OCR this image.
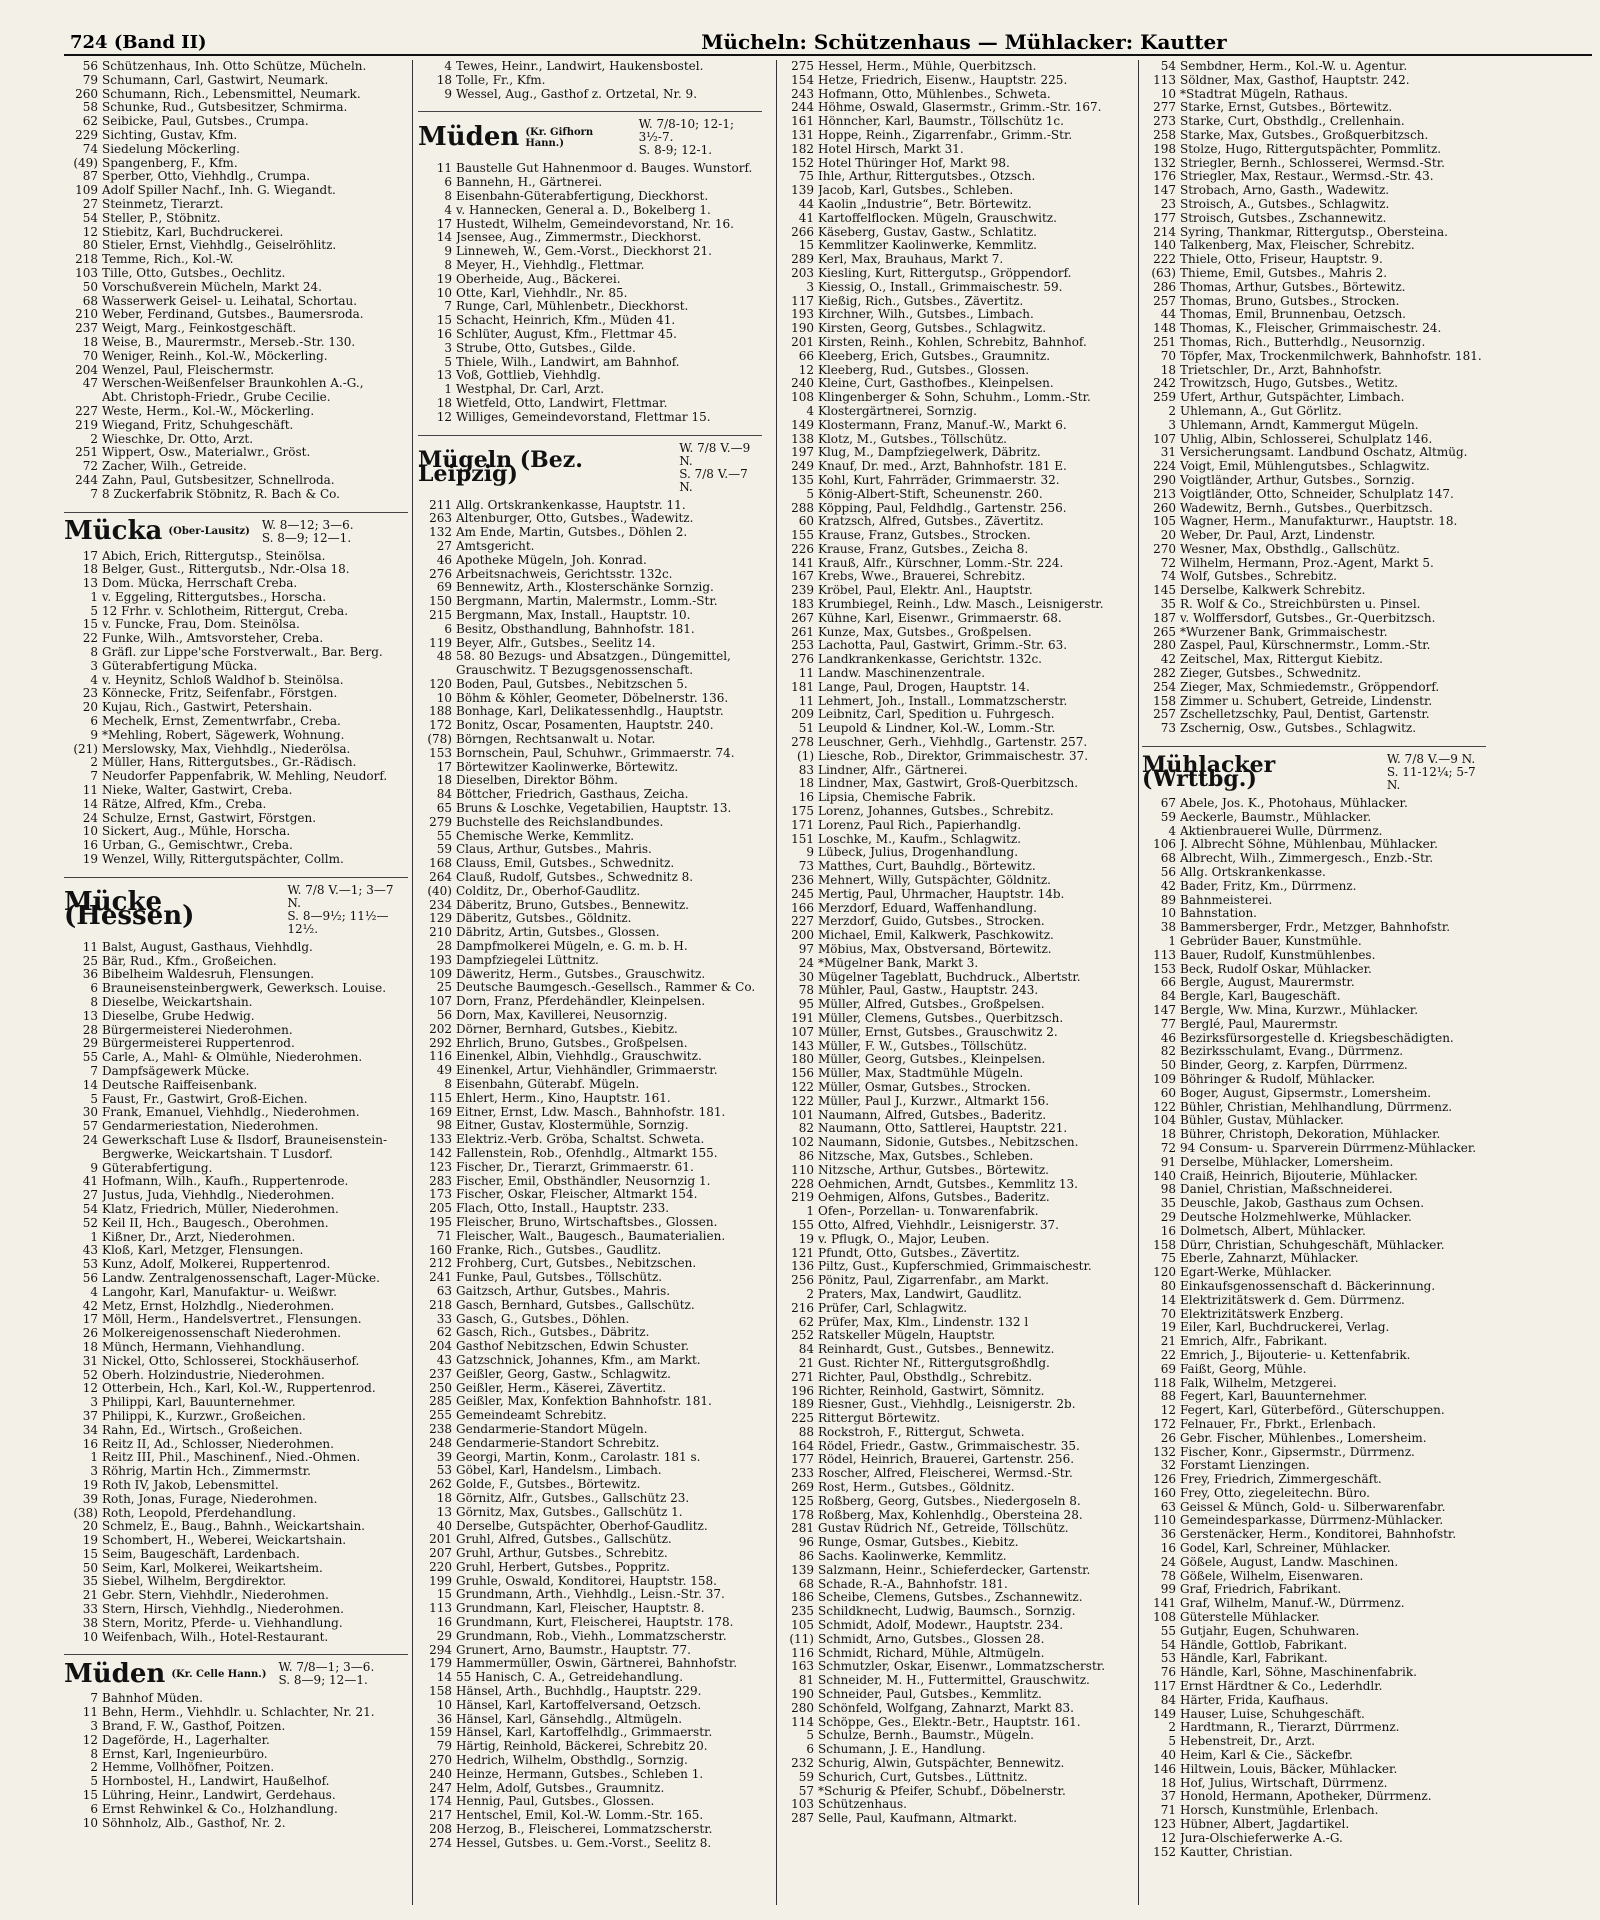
724 (Band II)	Mücheln: Schützenhaus — Mühlacker: Kautter
56 Schützenhaus, Inh. Otto Schütze, Mücheln.
79 Schumann, Carl, Gastwirt, Neumark.
260 Schumann, Rich., Lebensmittel, Neumark.
58 Schunke, Rud., Gutsbesitzer, Schmirma.
62 Seibicke, Paul, Gutsbes., Crumpa.
229 Sichting, Gustav, Kfm.
74 Siedelung Möckerling.
(49) Spangenberg, F., Kfm.
87 Sperber, Otto, Viehhdlg., Crumpa.
109 Adolf Spiller Nachf., Inh. G. Wiegandt.
27 Steinmetz, Tierarzt.
54 Steller, P., Stöbnitz.
12 Stiebitz, Karl, Buchdruckerei.
80 Stieler, Ernst, Viehhdlg., Geiselröhlitz.
218 Temme, Rich., Kol.-W.
103 Tille, Otto, Gutsbes., Oechlitz.
50 Vorschußverein Mücheln, Markt 24.
68 Wasserwerk Geisel- u. Leihatal, Schortau.
210 Weber, Ferdinand, Gutsbes., Baumersroda.
237 Weigt, Marg., Feinkostgeschäft.
18 Weise, B., Maurermstr., Merseb.-Str. 130.
70 Weniger, Reinh., Kol.-W., Möckerling.
204 Wenzel, Paul, Fleischermstr.
47 Werschen-Weißenfelser Braunkohlen A.-G.,
Abt. Christoph-Friedr., Grube Cecilie.
227 Weste, Herm., Kol.-W., Möckerling.
219 Wiegand, Fritz, Schuhgeschäft.
2 Wieschke, Dr. Otto, Arzt.
251 Wippert, Osw., Materialwr., Gröst.
72 Zacher, Wilh., Getreide.
244 Zahn, Paul, Gutsbesitzer, Schnellroda.
7 8 Zuckerfabrik Stöbnitz, R. Bach & Co.
Mücka (Ober-Lausitz) W. 8—12; 3—6.
S. 8—9; 12—1.
17 Abich, Erich, Rittergutsp., Steinölsa.
18 Belger, Gust., Rittergutsb., Ndr.-Ölsa 18.
13 Dom. Mücka, Herrschaft Creba.
1 v. Eggeling, Rittergutsbes., Horscha.
5 12 Frhr. v. Schlotheim, Rittergut, Creba.
15 v. Funcke, Frau, Dom. Steinölsa.
22 Funke, Wilh., Amtsvorsteher, Creba.
8 Gräfl. zur Lippe'sche Forstverwalt., Bar. Berg.
3 Güterabfertigung Mücka.
4 v. Heynitz, Schloß Waldhof b. Steinölsa.
23 Könnecke, Fritz, Seifenfabr., Förstgen.
20 Kujau, Rich., Gastwirt, Petershain.
6 Mechelk, Ernst, Zementwrfabr., Creba.
9 *Mehling, Robert, Sägewerk, Wohnung.
(21) Merslowsky, Max, Viehhdlg., Niederölsa.
2 Müller, Hans, Rittergutsbes., Gr.-Rädisch.
7 Neudorfer Pappenfabrik, W. Mehling, Neudorf.
11 Nieke, Walter, Gastwirt, Creba.
14 Rätze, Alfred, Kfm., Creba.
24 Schulze, Ernst, Gastwirt, Förstgen.
10 Sickert, Aug., Mühle, Horscha.
16 Urban, G., Gemischtwr., Creba.
19 Wenzel, Willy, Rittergutspächter, Collm.
Mücke (Hessen)
W. 7/8 V.—1; 3—7 N.
S. 8—9½; 11½—12½.
11 Balst, August, Gasthaus, Viehhdlg.
25 Bär, Rud., Kfm., Großeichen.
36 Bibelheim Waldesruh, Flensungen.
6 Brauneisensteinbergwerk, Gewerksch. Louise.
8 Dieselbe, Weickartshain.
13 Dieselbe, Grube Hedwig.
28 Bürgermeisterei Niederohmen.
29 Bürgermeisterei Ruppertenrod.
55 Carle, A., Mahl- & Ölmühle, Niederohmen.
7 Dampfsägewerk Mücke.
14 Deutsche Raiffeisenbank.
5 Faust, Fr., Gastwirt, Groß-Eichen.
30 Frank, Emanuel, Viehhdlg., Niederohmen.
57 Gendarmeriestation, Niederohmen.
24 Gewerkschaft Luse & Ilsdorf, Brauneisenstein-
Bergwerke, Weickartshain. T Lusdorf.
9 Güterabfertigung.
41 Hofmann, Wilh., Kaufh., Ruppertenrode.
27 Justus, Juda, Viehhdlg., Niederohmen.
54 Klatz, Friedrich, Müller, Niederohmen.
52 Keil II, Hch., Baugesch., Oberohmen.
1 Kißner, Dr., Arzt, Niederohmen.
43 Kloß, Karl, Metzger, Flensungen.
53 Kunz, Adolf, Molkerei, Ruppertenrod.
56 Landw. Zentralgenossenschaft, Lager-Mücke.
4 Langohr, Karl, Manufaktur- u. Weißwr.
42 Metz, Ernst, Holzhdlg., Niederohmen.
17 Möll, Herm., Handelsvertret., Flensungen.
26 Molkereigenossenschaft Niederohmen.
18 Münch, Hermann, Viehhandlung.
31 Nickel, Otto, Schlosserei, Stockhäuserhof.
52 Oberh. Holzindustrie, Niederohmen.
12 Otterbein, Hch., Karl, Kol.-W., Ruppertenrod.
3 Philippi, Karl, Bauunternehmer.
37 Philippi, K., Kurzwr., Großeichen.
34 Rahn, Ed., Wirtsch., Großeichen.
16 Reitz II, Ad., Schlosser, Niederohmen.
1 Reitz III, Phil., Maschinenf., Nied.-Ohmen.
3 Röhrig, Martin Hch., Zimmermstr.
19 Roth IV, Jakob, Lebensmittel.
39 Roth, Jonas, Furage, Niederohmen.
(38) Roth, Leopold, Pferdehandlung.
20 Schmelz, E., Baug., Bahnh., Weickartshain.
19 Schombert, H., Weberei, Weickartshain.
15 Seim, Baugeschäft, Lardenbach.
50 Seim, Karl, Molkerei, Weikartsheim.
35 Siebel, Wilhelm, Bergdirektor.
21 Gebr. Stern, Viehhdlr., Niederohmen.
33 Stern, Hirsch, Viehhdlg., Niederohmen.
38 Stern, Moritz, Pferde- u. Viehhandlung.
10 Weifenbach, Wilh., Hotel-Restaurant.
Müden (Kr. Celle Hann.) W. 7/8—1; 3—6.
S. 8—9; 12—1.
7 Bahnhof Müden.
11 Behn, Herm., Viehhdlr. u. Schlachter, Nr. 21.
3 Brand, F. W., Gasthof, Poitzen.
12 Dageförde, H., Lagerhalter.
8 Ernst, Karl, Ingenieurbüro.
2 Hemme, Vollhöfner, Poitzen.
5 Hornbostel, H., Landwirt, Haußelhof.
15 Lühring, Heinr., Landwirt, Gerdehaus.
6 Ernst Rehwinkel & Co., Holzhandlung.
10 Söhnholz, Alb., Gasthof, Nr. 2.
4 Tewes, Heinr., Landwirt, Haukensbostel.
18 Tolle, Fr., Kfm.
9 Wessel, Aug., Gasthof z. Örtzetal, Nr. 9.
Müden (Kr. Gifhorn Hann.)
W. 7/8-10; 12-1; 3½-7.
S. 8-9; 12-1.
11 Baustelle Gut Hahnenmoor d. Bauges. Wunstorf.
6 Bannehn, H., Gärtnerei.
8 Eisenbahn-Güterabfertigung, Dieckhorst.
4 v. Hannecken, General a. D., Bokelberg 1.
17 Hustedt, Wilhelm, Gemeindevorstand, Nr. 16.
14 Jsensee, Aug., Zimmermstr., Dieckhorst.
9 Linneweh, W., Gem.-Vorst., Dieckhorst 21.
8 Meyer, H., Viehhdlg., Flettmar.
19 Oberheide, Aug., Bäckerei.
10 Otte, Karl, Viehhdlr., Nr. 85.
7 Runge, Carl, Mühlenbetr., Dieckhorst.
15 Schacht, Heinrich, Kfm., Müden 41.
16 Schlüter, August, Kfm., Flettmar 45.
3 Strube, Otto, Gutsbes., Gilde.
5 Thiele, Wilh., Landwirt, am Bahnhof.
13 Voß, Gottlieb, Viehhdlg.
1 Westphal, Dr. Carl, Arzt.
18 Wietfeld, Otto, Landwirt, Flettmar.
12 Williges, Gemeindevorstand, Flettmar 15.
Mügeln (Bez. Leipzig)
W. 7/8 V.—9 N.
S. 7/8 V.—7 N.
211 Allg. Ortskrankenkasse, Hauptstr. 11.
263 Altenburger, Otto, Gutsbes., Wadewitz.
132 Am Ende, Martin, Gutsbes., Döhlen 2.
27 Amtsgericht.
46 Apotheke Mügeln, Joh. Konrad.
276 Arbeitsnachweis, Gerichtsstr. 132c.
69 Bennewitz, Arth., Klosterschänke Sornzig.
150 Bergmann, Martin, Malermstr., Lomm.-Str.
215 Bergmann, Max, Install., Hauptstr. 10.
6 Besitz, Obsthandlung, Bahnhofstr. 181.
119 Beyer, Alfr., Gutsbes., Seelitz 14.
48 58. 80 Bezugs- und Absatzgen., Düngemittel,
Grauschwitz. T Bezugsgenossenschaft.
120 Boden, Paul, Gutsbes., Nebitzschen 5.
10 Böhm & Köhler, Geometer, Döbelnerstr. 136.
188 Bonhage, Karl, Delikatessenhdlg., Hauptstr.
172 Bonitz, Oscar, Posamenten, Hauptstr. 240.
(78) Börngen, Rechtsanwalt u. Notar.
153 Bornschein, Paul, Schuhwr., Grimmaerstr. 74.
17 Börtewitzer Kaolinwerke, Börtewitz.
18 Dieselben, Direktor Böhm.
84 Böttcher, Friedrich, Gasthaus, Zeicha.
65 Bruns & Loschke, Vegetabilien, Hauptstr. 13.
279 Buchstelle des Reichslandbundes.
55 Chemische Werke, Kemmlitz.
59 Claus, Arthur, Gutsbes., Mahris.
168 Clauss, Emil, Gutsbes., Schwednitz.
264 Clauß, Rudolf, Gutsbes., Schwednitz 8.
(40) Colditz, Dr., Oberhof-Gaudlitz.
234 Däberitz, Bruno, Gutsbes., Bennewitz.
129 Däberitz, Gutsbes., Göldnitz.
210 Däbritz, Artin, Gutsbes., Glossen.
28 Dampfmolkerei Mügeln, e. G. m. b. H.
193 Dampfziegelei Lüttnitz.
109 Däweritz, Herm., Gutsbes., Grauschwitz.
25 Deutsche Baumgesch.-Gesellsch., Rammer & Co.
107 Dorn, Franz, Pferdehändler, Kleinpelsen.
56 Dorn, Max, Kavillerei, Neusornzig.
202 Dörner, Bernhard, Gutsbes., Kiebitz.
292 Ehrlich, Bruno, Gutsbes., Großpelsen.
116 Einenkel, Albin, Viehhdlg., Grauschwitz.
49 Einenkel, Artur, Viehhändler, Grimmaerstr.
8 Eisenbahn, Güterabf. Mügeln.
115 Ehlert, Herm., Kino, Hauptstr. 161.
169 Eitner, Ernst, Ldw. Masch., Bahnhofstr. 181.
98 Eitner, Gustav, Klostermühle, Sornzig.
133 Elektriz.-Verb. Gröba, Schaltst. Schweta.
142 Fallenstein, Rob., Ofenhdlg., Altmarkt 155.
123 Fischer, Dr., Tierarzt, Grimmaerstr. 61.
283 Fischer, Emil, Obsthändler, Neusornzig 1.
173 Fischer, Oskar, Fleischer, Altmarkt 154.
205 Flach, Otto, Install., Hauptstr. 233.
195 Fleischer, Bruno, Wirtschaftsbes., Glossen.
71 Fleischer, Walt., Baugesch., Baumaterialien.
160 Franke, Rich., Gutsbes., Gaudlitz.
212 Frohberg, Curt, Gutsbes., Nebitzschen.
241 Funke, Paul, Gutsbes., Töllschütz.
63 Gaitzsch, Arthur, Gutsbes., Mahris.
218 Gasch, Bernhard, Gutsbes., Gallschütz.
33 Gasch, G., Gutsbes., Döhlen.
62 Gasch, Rich., Gutsbes., Däbritz.
204 Gasthof Nebitzschen, Edwin Schuster.
43 Gatzschnick, Johannes, Kfm., am Markt.
237 Geißler, Georg, Gastw., Schlagwitz.
250 Geißler, Herm., Käserei, Zävertitz.
285 Geißler, Max, Konfektion Bahnhofstr. 181.
255 Gemeindeamt Schrebitz.
238 Gendarmerie-Standort Mügeln.
248 Gendarmerie-Standort Schrebitz.
39 Georgi, Martin, Konm., Carolastr. 181 s.
53 Göbel, Karl, Handelsm., Limbach.
262 Golde, F., Gutsbes., Börtewitz.
18 Görnitz, Alfr., Gutsbes., Gallschütz 23.
13 Görnitz, Max, Gutsbes., Gallschütz 1.
40 Derselbe, Gutspächter, Oberhof-Gaudlitz.
201 Gruhl, Alfred, Gutsbes., Gallschütz.
207 Gruhl, Arthur, Gutsbes., Schrebitz.
220 Gruhl, Herbert, Gutsbes., Poppritz.
199 Gruhle, Oswald, Konditorei, Hauptstr. 158.
15 Grundmann, Arth., Viehhdlg., Leisn.-Str. 37.
113 Grundmann, Karl, Fleischer, Hauptstr. 8.
16 Grundmann, Kurt, Fleischerei, Hauptstr. 178.
29 Grundmann, Rob., Viehh., Lommatzscherstr.
294 Grunert, Arno, Baumstr., Hauptstr. 77.
179 Hammermüller, Oswin, Gärtnerei, Bahnhofstr.
14 55 Hanisch, C. A., Getreidehandlung.
158 Hänsel, Arth., Buchhdlg., Hauptstr. 229.
10 Hänsel, Karl, Kartoffelversand, Oetzsch.
36 Hänsel, Karl, Gänsehdlg., Altmügeln.
159 Hänsel, Karl, Kartoffelhdlg., Grimmaerstr.
79 Härtig, Reinhold, Bäckerei, Schrebitz 20.
270 Hedrich, Wilhelm, Obsthdlg., Sornzig.
240 Heinze, Hermann, Gutsbes., Schleben 1.
247 Helm, Adolf, Gutsbes., Graumnitz.
174 Hennig, Paul, Gutsbes., Glossen.
217 Hentschel, Emil, Kol.-W. Lomm.-Str. 165.
208 Herzog, B., Fleischerei, Lommatzscherstr.
274 Hessel, Gutsbes. u. Gem.-Vorst., Seelitz 8.
275 Hessel, Herm., Mühle, Querbitzsch.
154 Hetze, Friedrich, Eisenw., Hauptstr. 225.
243 Hofmann, Otto, Mühlenbes., Schweta.
244 Höhme, Oswald, Glasermstr., Grimm.-Str. 167.
161 Hönncher, Karl, Baumstr., Töllschütz 1c.
131 Hoppe, Reinh., Zigarrenfabr., Grimm.-Str.
182 Hotel Hirsch, Markt 31.
152 Hotel Thüringer Hof, Markt 98.
75 Ihle, Arthur, Rittergutsbes., Ötzsch.
139 Jacob, Karl, Gutsbes., Schleben.
44 Kaolin „Industrie“, Betr. Börtewitz.
41 Kartoffelflocken. Mügeln, Grauschwitz.
266 Käseberg, Gustav, Gastw., Schlatitz.
15 Kemmlitzer Kaolinwerke, Kemmlitz.
289 Kerl, Max, Brauhaus, Markt 7.
203 Kiesling, Kurt, Rittergutsp., Gröppendorf.
3 Kiessig, O., Install., Grimmaischestr. 59.
117 Kießig, Rich., Gutsbes., Zävertitz.
193 Kirchner, Wilh., Gutsbes., Limbach.
190 Kirsten, Georg, Gutsbes., Schlagwitz.
201 Kirsten, Reinh., Kohlen, Schrebitz, Bahnhof.
66 Kleeberg, Erich, Gutsbes., Graumnitz.
12 Kleeberg, Rud., Gutsbes., Glossen.
240 Kleine, Curt, Gasthofbes., Kleinpelsen.
108 Klingenberger & Sohn, Schuhm., Lomm.-Str.
4 Klostergärtnerei, Sornzig.
149 Klostermann, Franz, Manuf.-W., Markt 6.
138 Klotz, M., Gutsbes., Töllschütz.
197 Klug, M., Dampfziegelwerk, Däbritz.
249 Knauf, Dr. med., Arzt, Bahnhofstr. 181 E.
135 Kohl, Kurt, Fahrräder, Grimmaerstr. 32.
5 König-Albert-Stift, Scheunenstr. 260.
288 Köpping, Paul, Feldhdlg., Gartenstr. 256.
60 Kratzsch, Alfred, Gutsbes., Zävertitz.
155 Krause, Franz, Gutsbes., Strocken.
226 Krause, Franz, Gutsbes., Zeicha 8.
141 Krauß, Alfr., Kürschner, Lomm.-Str. 224.
167 Krebs, Wwe., Brauerei, Schrebitz.
239 Kröbel, Paul, Elektr. Anl., Hauptstr.
183 Krumbiegel, Reinh., Ldw. Masch., Leisnigerstr.
267 Kühne, Karl, Eisenwr., Grimmaerstr. 68.
261 Kunze, Max, Gutsbes., Großpelsen.
253 Lachotta, Paul, Gastwirt, Grimm.-Str. 63.
276 Landkrankenkasse, Gerichtstr. 132c.
11 Landw. Maschinenzentrale.
181 Lange, Paul, Drogen, Hauptstr. 14.
11 Lehmert, Joh., Install., Lommatzscherstr.
209 Leibnitz, Carl, Spedition u. Fuhrgesch.
51 Leupold & Lindner, Kol.-W., Lomm.-Str.
278 Leuschner, Gerh., Viehhdlg., Gartenstr. 257.
(1) Liesche, Rob., Direktor, Grimmaischestr. 37.
83 Lindner, Alfr., Gärtnerei.
18 Lindner, Max, Gastwirt, Groß-Querbitzsch.
16 Lipsia, Chemische Fabrik.
175 Lorenz, Johannes, Gutsbes., Schrebitz.
171 Lorenz, Paul Rich., Papierhandlg.
151 Loschke, M., Kaufm., Schlagwitz.
9 Lübeck, Julius, Drogenhandlung.
73 Matthes, Curt, Bauhdlg., Börtewitz.
236 Mehnert, Willy, Gutspächter, Göldnitz.
245 Mertig, Paul, Uhrmacher, Hauptstr. 14b.
166 Merzdorf, Eduard, Waffenhandlung.
227 Merzdorf, Guido, Gutsbes., Strocken.
200 Michael, Emil, Kalkwerk, Paschkowitz.
97 Möbius, Max, Obstversand, Börtewitz.
24 *Mügelner Bank, Markt 3.
30 Mügelner Tageblatt, Buchdruck., Albertstr.
78 Mühler, Paul, Gastw., Hauptstr. 243.
95 Müller, Alfred, Gutsbes., Großpelsen.
191 Müller, Clemens, Gutsbes., Querbitzsch.
107 Müller, Ernst, Gutsbes., Grauschwitz 2.
143 Müller, F. W., Gutsbes., Töllschütz.
180 Müller, Georg, Gutsbes., Kleinpelsen.
156 Müller, Max, Stadtmühle Mügeln.
122 Müller, Osmar, Gutsbes., Strocken.
122 Müller, Paul J., Kurzwr., Altmarkt 156.
101 Naumann, Alfred, Gutsbes., Baderitz.
82 Naumann, Otto, Sattlerei, Hauptstr. 221.
102 Naumann, Sidonie, Gutsbes., Nebitzschen.
86 Nitzsche, Max, Gutsbes., Schleben.
110 Nitzsche, Arthur, Gutsbes., Börtewitz.
228 Oehmichen, Arndt, Gutsbes., Kemmlitz 13.
219 Oehmigen, Alfons, Gutsbes., Baderitz.
1 Ofen-, Porzellan- u. Tonwarenfabrik.
155 Otto, Alfred, Viehhdlr., Leisnigerstr. 37.
19 v. Pflugk, O., Major, Leuben.
121 Pfundt, Otto, Gutsbes., Zävertitz.
136 Piltz, Gust., Kupferschmied, Grimmaischestr.
256 Pönitz, Paul, Zigarrenfabr., am Markt.
2 Praters, Max, Landwirt, Gaudlitz.
216 Prüfer, Carl, Schlagwitz.
62 Prüfer, Max, Klm., Lindenstr. 132 l
252 Ratskeller Mügeln, Hauptstr.
84 Reinhardt, Gust., Gutsbes., Bennewitz.
21 Gust. Richter Nf., Rittergutsgroßhdlg.
271 Richter, Paul, Obsthdlg., Schrebitz.
196 Richter, Reinhold, Gastwirt, Sömnitz.
189 Riesner, Gust., Viehhdlg., Leisnigerstr. 2b.
225 Rittergut Börtewitz.
88 Rockstroh, F., Rittergut, Schweta.
164 Rödel, Friedr., Gastw., Grimmaischestr. 35.
177 Rödel, Heinrich, Brauerei, Gartenstr. 256.
233 Roscher, Alfred, Fleischerei, Wermsd.-Str.
269 Rost, Herm., Gutsbes., Göldnitz.
125 Roßberg, Georg, Gutsbes., Niedergoseln 8.
178 Roßberg, Max, Kohlenhdlg., Obersteina 28.
281 Gustav Rüdrich Nf., Getreide, Töllschütz.
96 Runge, Osmar, Gutsbes., Kiebitz.
86 Sachs. Kaolinwerke, Kemmlitz.
139 Salzmann, Heinr., Schieferdecker, Gartenstr.
68 Schade, R.-A., Bahnhofstr. 181.
186 Scheibe, Clemens, Gutsbes., Zschannewitz.
235 Schildknecht, Ludwig, Baumsch., Sornzig.
105 Schmidt, Adolf, Modewr., Hauptstr. 234.
(11) Schmidt, Arno, Gutsbes., Glossen 28.
116 Schmidt, Richard, Mühle, Altmügeln.
163 Schmutzler, Oskar, Eisenwr., Lommatzscherstr.
81 Schneider, M. H., Futtermittel, Grauschwitz.
190 Schneider, Paul, Gutsbes., Kemmlitz.
280 Schönfeld, Wolfgang, Zahnarzt, Markt 83.
114 Schöppe, Ges., Elektr.-Betr., Hauptstr. 161.
5 Schulze, Bernh., Baumstr., Mügeln.
6 Schumann, J. E., Handlung.
232 Schurig, Alwin, Gutspächter, Bennewitz.
59 Schurich, Curt, Gutsbes., Lüttnitz.
57 *Schurig & Pfeifer, Schubf., Döbelnerstr.
103 Schützenhaus.
287 Selle, Paul, Kaufmann, Altmarkt.
54 Sembdner, Herm., Kol.-W. u. Agentur.
113 Söldner, Max, Gasthof, Hauptstr. 242.
10 *Stadtrat Mügeln, Rathaus.
277 Starke, Ernst, Gutsbes., Börtewitz.
273 Starke, Curt, Obsthdlg., Crellenhain.
258 Starke, Max, Gutsbes., Großquerbitzsch.
198 Stolze, Hugo, Rittergutspächter, Pommlitz.
132 Striegler, Bernh., Schlosserei, Wermsd.-Str.
176 Striegler, Max, Restaur., Wermsd.-Str. 43.
147 Strobach, Arno, Gasth., Wadewitz.
23 Stroisch, A., Gutsbes., Schlagwitz.
177 Stroisch, Gutsbes., Zschannewitz.
214 Syring, Thankmar, Rittergutsp., Obersteina.
140 Talkenberg, Max, Fleischer, Schrebitz.
222 Thiele, Otto, Friseur, Hauptstr. 9.
(63) Thieme, Emil, Gutsbes., Mahris 2.
286 Thomas, Arthur, Gutsbes., Börtewitz.
257 Thomas, Bruno, Gutsbes., Strocken.
44 Thomas, Emil, Brunnenbau, Oetzsch.
148 Thomas, K., Fleischer, Grimmaischestr. 24.
251 Thomas, Rich., Butterhdlg., Neusornzig.
70 Töpfer, Max, Trockenmilchwerk, Bahnhofstr. 181.
18 Trietschler, Dr., Arzt, Bahnhofstr.
242 Trowitzsch, Hugo, Gutsbes., Wetitz.
259 Ufert, Arthur, Gutspächter, Limbach.
2 Uhlemann, A., Gut Görlitz.
3 Uhlemann, Arndt, Kammergut Mügeln.
107 Uhlig, Albin, Schlosserei, Schulplatz 146.
31 Versicherungsamt. Landbund Oschatz, Altmüg.
224 Voigt, Emil, Mühlengutsbes., Schlagwitz.
290 Voigtländer, Arthur, Gutsbes., Sornzig.
213 Voigtländer, Otto, Schneider, Schulplatz 147.
260 Wadewitz, Bernh., Gutsbes., Querbitzsch.
105 Wagner, Herm., Manufakturwr., Hauptstr. 18.
20 Weber, Dr. Paul, Arzt, Lindenstr.
270 Wesner, Max, Obsthdlg., Gallschütz.
72 Wilhelm, Hermann, Proz.-Agent, Markt 5.
74 Wolf, Gutsbes., Schrebitz.
145 Derselbe, Kalkwerk Schrebitz.
35 R. Wolf & Co., Streichbürsten u. Pinsel.
187 v. Wolffersdorf, Gutsbes., Gr.-Querbitzsch.
265 *Wurzener Bank, Grimmaischestr.
280 Zaspel, Paul, Kürschnermstr., Lomm.-Str.
42 Zeitschel, Max, Rittergut Kiebitz.
282 Zieger, Gutsbes., Schwednitz.
254 Zieger, Max, Schmiedemstr., Gröppendorf.
158 Zimmer u. Schubert, Getreide, Lindenstr.
257 Zschelletzschky, Paul, Dentist, Gartenstr.
73 Zschernig, Osw., Gutsbes., Schlagwitz.
Mühlacker (Wrttbg.)
W. 7/8 V.—9 N.
S. 11-12¼; 5-7 N.
67 Abele, Jos. K., Photohaus, Mühlacker.
59 Aeckerle, Baumstr., Mühlacker.
4 Aktienbrauerei Wulle, Dürrmenz.
106 J. Albrecht Söhne, Mühlenbau, Mühlacker.
68 Albrecht, Wilh., Zimmergesch., Enzb.-Str.
56 Allg. Ortskrankenkasse.
42 Bader, Fritz, Km., Dürrmenz.
89 Bahnmeisterei.
10 Bahnstation.
38 Bammersberger, Frdr., Metzger, Bahnhofstr.
1 Gebrüder Bauer, Kunstmühle.
113 Bauer, Rudolf, Kunstmühlenbes.
153 Beck, Rudolf Oskar, Mühlacker.
66 Bergle, August, Maurermstr.
84 Bergle, Karl, Baugeschäft.
147 Bergle, Ww. Mina, Kurzwr., Mühlacker.
77 Berglé, Paul, Maurermstr.
46 Bezirksfürsorgestelle d. Kriegsbeschädigten.
82 Bezirksschulamt, Evang., Dürrmenz.
50 Binder, Georg, z. Karpfen, Dürrmenz.
109 Böhringer & Rudolf, Mühlacker.
60 Boger, August, Gipsermstr., Lomersheim.
122 Bühler, Christian, Mehlhandlung, Dürrmenz.
104 Bühler, Gustav, Mühlacker.
18 Bührer, Christoph, Dekoration, Mühlacker.
72 94 Consum- u. Sparverein Dürrmenz-Mühlacker.
91 Derselbe, Mühlacker, Lomersheim.
140 Craiß, Heinrich, Bijouterie, Mühlacker.
98 Daniel, Christian, Maßschneiderei.
35 Deuschle, Jakob, Gasthaus zum Ochsen.
29 Deutsche Holzmehlwerke, Mühlacker.
16 Dolmetsch, Albert, Mühlacker.
158 Dürr, Christian, Schuhgeschäft, Mühlacker.
75 Eberle, Zahnarzt, Mühlacker.
120 Egart-Werke, Mühlacker.
80 Einkaufsgenossenschaft d. Bäckerinnung.
14 Elektrizitätswerk d. Gem. Dürrmenz.
70 Elektrizitätswerk Enzberg.
19 Eiler, Karl, Buchdruckerei, Verlag.
21 Emrich, Alfr., Fabrikant.
22 Emrich, J., Bijouterie- u. Kettenfabrik.
69 Faißt, Georg, Mühle.
118 Falk, Wilhelm, Metzgerei.
88 Fegert, Karl, Bauunternehmer.
12 Fegert, Karl, Güterbeförd., Güterschuppen.
172 Felnauer, Fr., Fbrkt., Erlenbach.
26 Gebr. Fischer, Mühlenbes., Lomersheim.
132 Fischer, Konr., Gipsermstr., Dürrmenz.
32 Forstamt Lienzingen.
126 Frey, Friedrich, Zimmergeschäft.
160 Frey, Otto, ziegeleitechn. Büro.
63 Geissel & Münch, Gold- u. Silberwarenfabr.
110 Gemeindesparkasse, Dürrmenz-Mühlacker.
36 Gerstenäcker, Herm., Konditorei, Bahnhofstr.
16 Godel, Karl, Schreiner, Mühlacker.
24 Gößele, August, Landw. Maschinen.
78 Gößele, Wilhelm, Eisenwaren.
99 Graf, Friedrich, Fabrikant.
141 Graf, Wilhelm, Manuf.-W., Dürrmenz.
108 Güterstelle Mühlacker.
55 Gutjahr, Eugen, Schuhwaren.
54 Händle, Gottlob, Fabrikant.
53 Händle, Karl, Fabrikant.
76 Händle, Karl, Söhne, Maschinenfabrik.
117 Ernst Härdtner & Co., Lederhdlr.
84 Härter, Frida, Kaufhaus.
149 Hauser, Luise, Schuhgeschäft.
2 Hardtmann, R., Tierarzt, Dürrmenz.
5 Hebenstreit, Dr., Arzt.
40 Heim, Karl & Cie., Säckefbr.
146 Hiltwein, Louis, Bäcker, Mühlacker.
18 Hof, Julius, Wirtschaft, Dürrmenz.
37 Honold, Hermann, Apotheker, Dürrmenz.
71 Horsch, Kunstmühle, Erlenbach.
123 Hübner, Albert, Jagdartikel.
12 Jura-Ölschieferwerke A.-G.
152 Kautter, Christian.
